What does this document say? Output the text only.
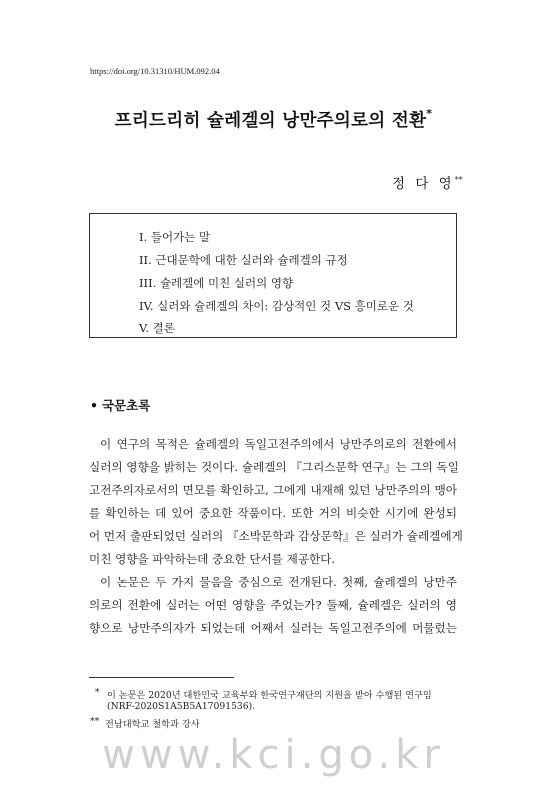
https://doi.org/10.31310/HUM.092.04
프리드리히 슐레겔의 낭만주의로의 전환*
정 다 영**
I. 들어가는 말
II. 근대문학에 대한 실러와 슐레겔의 규정
III. 슐레겔에 미친 실러의 영향
IV. 실러와 슐레겔의 차이: 감상적인 것 VS 흥미로운 것
V. 결론
• 국문초록
이 연구의 목적은 슐레겔의 독일고전주의에서 낭만주의로의 전환에서
실러의 영향을 밝히는 것이다. 슐레겔의 『그리스문학 연구』는 그의 독일
고전주의자로서의 면모를 확인하고, 그에게 내재해 있던 낭만주의의 맹아
를 확인하는 데 있어 중요한 작품이다. 또한 거의 비슷한 시기에 완성되
어 먼저 출판되었던 실러의 『소박문학과 감상문학』은 실러가 슐레겔에게
미친 영향을 파악하는데 중요한 단서를 제공한다.
이 논문은 두 가지 물음을 중심으로 전개된다. 첫째, 슐레겔의 낭만주
의로의 전환에 실러는 어떤 영향을 주었는가? 둘째, 슐레겔은 실러의 영
향으로 낭만주의자가 되었는데 어째서 실러는 독일고전주의에 머물렀는
* 이 논문은 2020년 대한민국 교육부와 한국연구재단의 지원을 받아 수행된 연구임
(NRF-2020S1A5B5A17091536).
** 전남대학교 철학과 강사
www.kci.go.kr
